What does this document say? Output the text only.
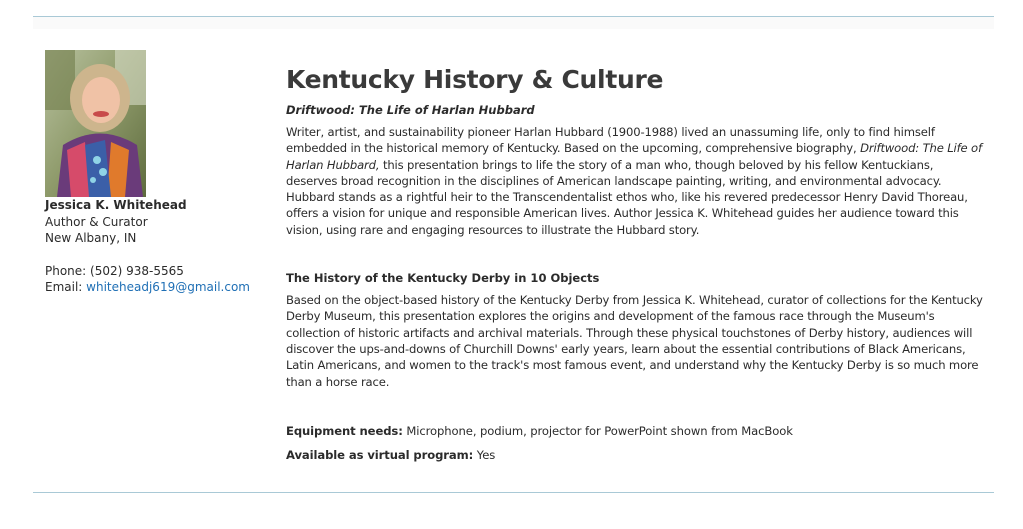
Jessica K. Whitehead
Author & Curator
New Albany, IN
Phone: (502) 938-5565
Email: whiteheadj619@gmail.com
Kentucky History & Culture
Driftwood: The Life of Harlan Hubbard
Writer, artist, and sustainability pioneer Harlan Hubbard (1900-1988) lived an unassuming life, only to find himself embedded in the historical memory of Kentucky. Based on the upcoming, comprehensive biography, Driftwood: The Life of Harlan Hubbard, this presentation brings to life the story of a man who, though beloved by his fellow Kentuckians, deserves broad recognition in the disciplines of American landscape painting, writing, and environmental advocacy. Hubbard stands as a rightful heir to the Transcendentalist ethos who, like his revered predecessor Henry David Thoreau, offers a vision for unique and responsible American lives. Author Jessica K. Whitehead guides her audience toward this vision, using rare and engaging resources to illustrate the Hubbard story.
The History of the Kentucky Derby in 10 Objects
Based on the object-based history of the Kentucky Derby from Jessica K. Whitehead, curator of collections for the Kentucky Derby Museum, this presentation explores the origins and development of the famous race through the Museum's collection of historic artifacts and archival materials. Through these physical touchstones of Derby history, audiences will discover the ups-and-downs of Churchill Downs' early years, learn about the essential contributions of Black Americans, Latin Americans, and women to the track's most famous event, and understand why the Kentucky Derby is so much more than a horse race.
Equipment needs: Microphone, podium, projector for PowerPoint shown from MacBook
Available as virtual program: Yes
